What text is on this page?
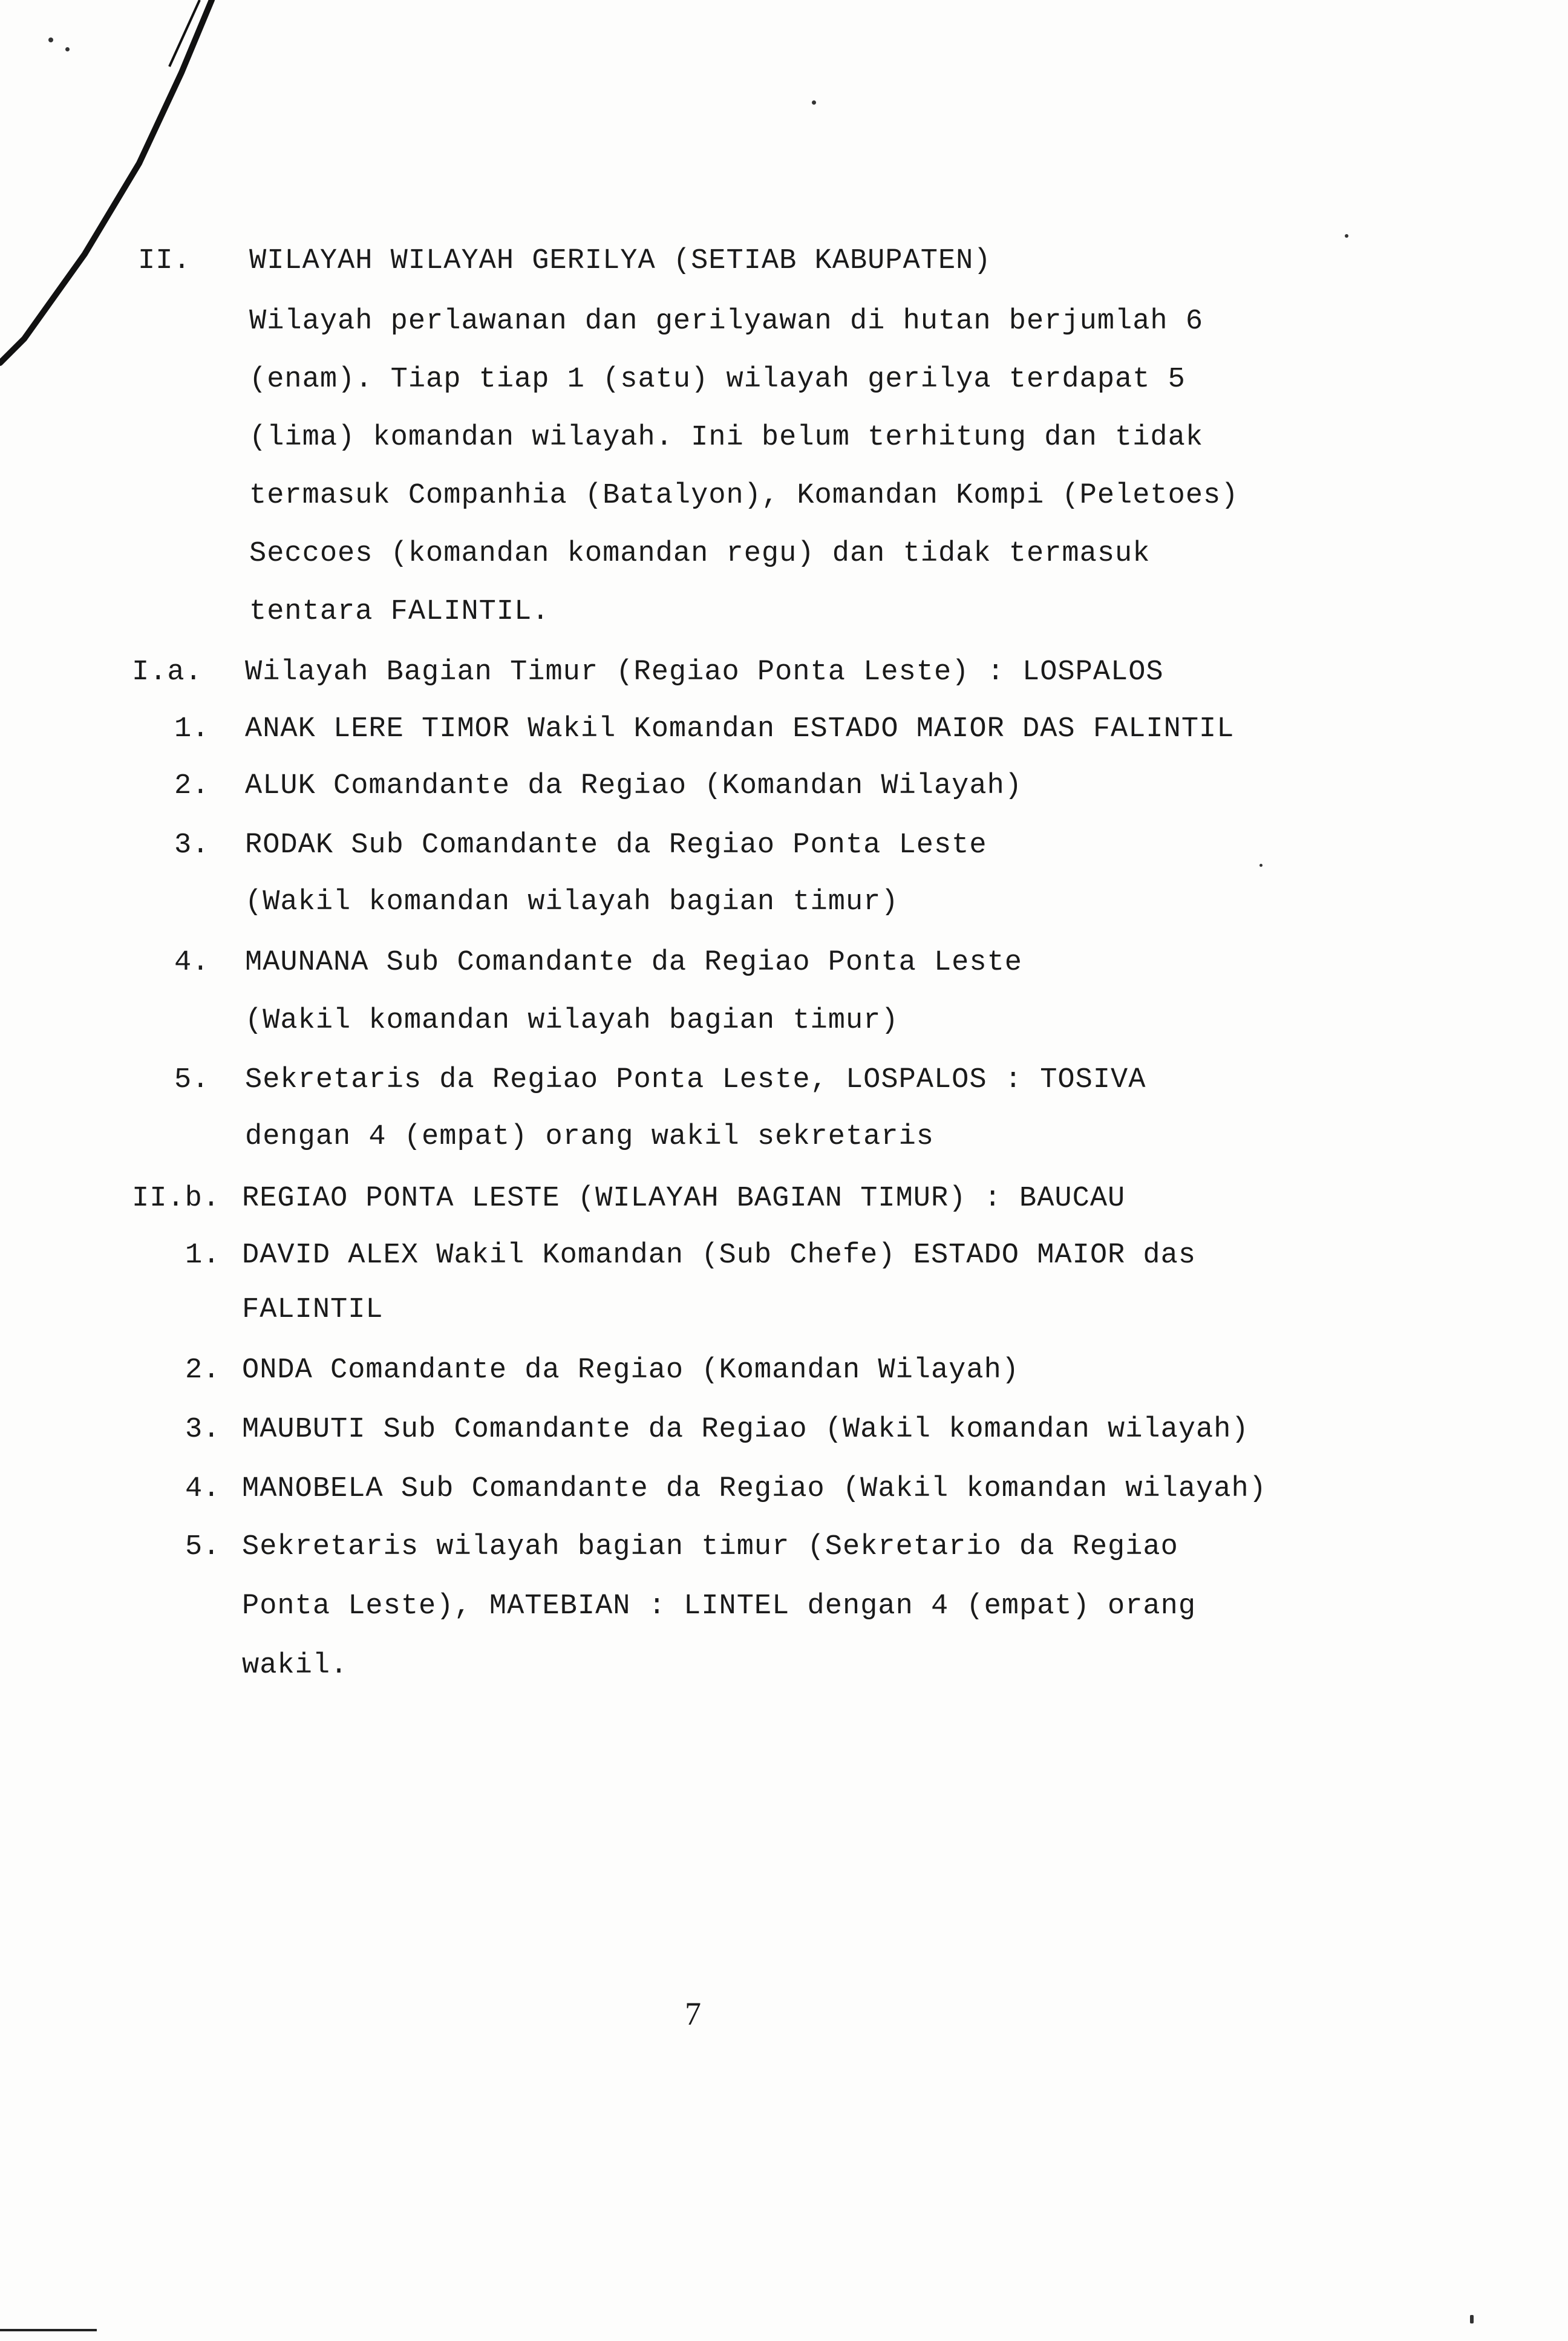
II. WILAYAH WILAYAH GERILYA (SETIAB KABUPATEN)
Wilayah perlawanan dan gerilyawan di hutan berjumlah 6
(enam). Tiap tiap 1 (satu) wilayah gerilya terdapat 5
(lima) komandan wilayah. Ini belum terhitung dan tidak
termasuk Companhia (Batalyon), Komandan Kompi (Peletoes)
Seccoes (komandan komandan regu) dan tidak termasuk
tentara FALINTIL.
I.a. Wilayah Bagian Timur (Regiao Ponta Leste) : LOSPALOS
1. ANAK LERE TIMOR Wakil Komandan ESTADO MAIOR DAS FALINTIL
2. ALUK Comandante da Regiao (Komandan Wilayah)
3. RODAK Sub Comandante da Regiao Ponta Leste
(Wakil komandan wilayah bagian timur)
4. MAUNANA Sub Comandante da Regiao Ponta Leste
(Wakil komandan wilayah bagian timur)
5. Sekretaris da Regiao Ponta Leste, LOSPALOS : TOSIVA
dengan 4 (empat) orang wakil sekretaris
II.b. REGIAO PONTA LESTE (WILAYAH BAGIAN TIMUR) : BAUCAU
1. DAVID ALEX Wakil Komandan (Sub Chefe) ESTADO MAIOR das
FALINTIL
2. ONDA Comandante da Regiao (Komandan Wilayah)
3. MAUBUTI Sub Comandante da Regiao (Wakil komandan wilayah)
4. MANOBELA Sub Comandante da Regiao (Wakil komandan wilayah)
5. Sekretaris wilayah bagian timur (Sekretario da Regiao
Ponta Leste), MATEBIAN : LINTEL dengan 4 (empat) orang
wakil.
7
